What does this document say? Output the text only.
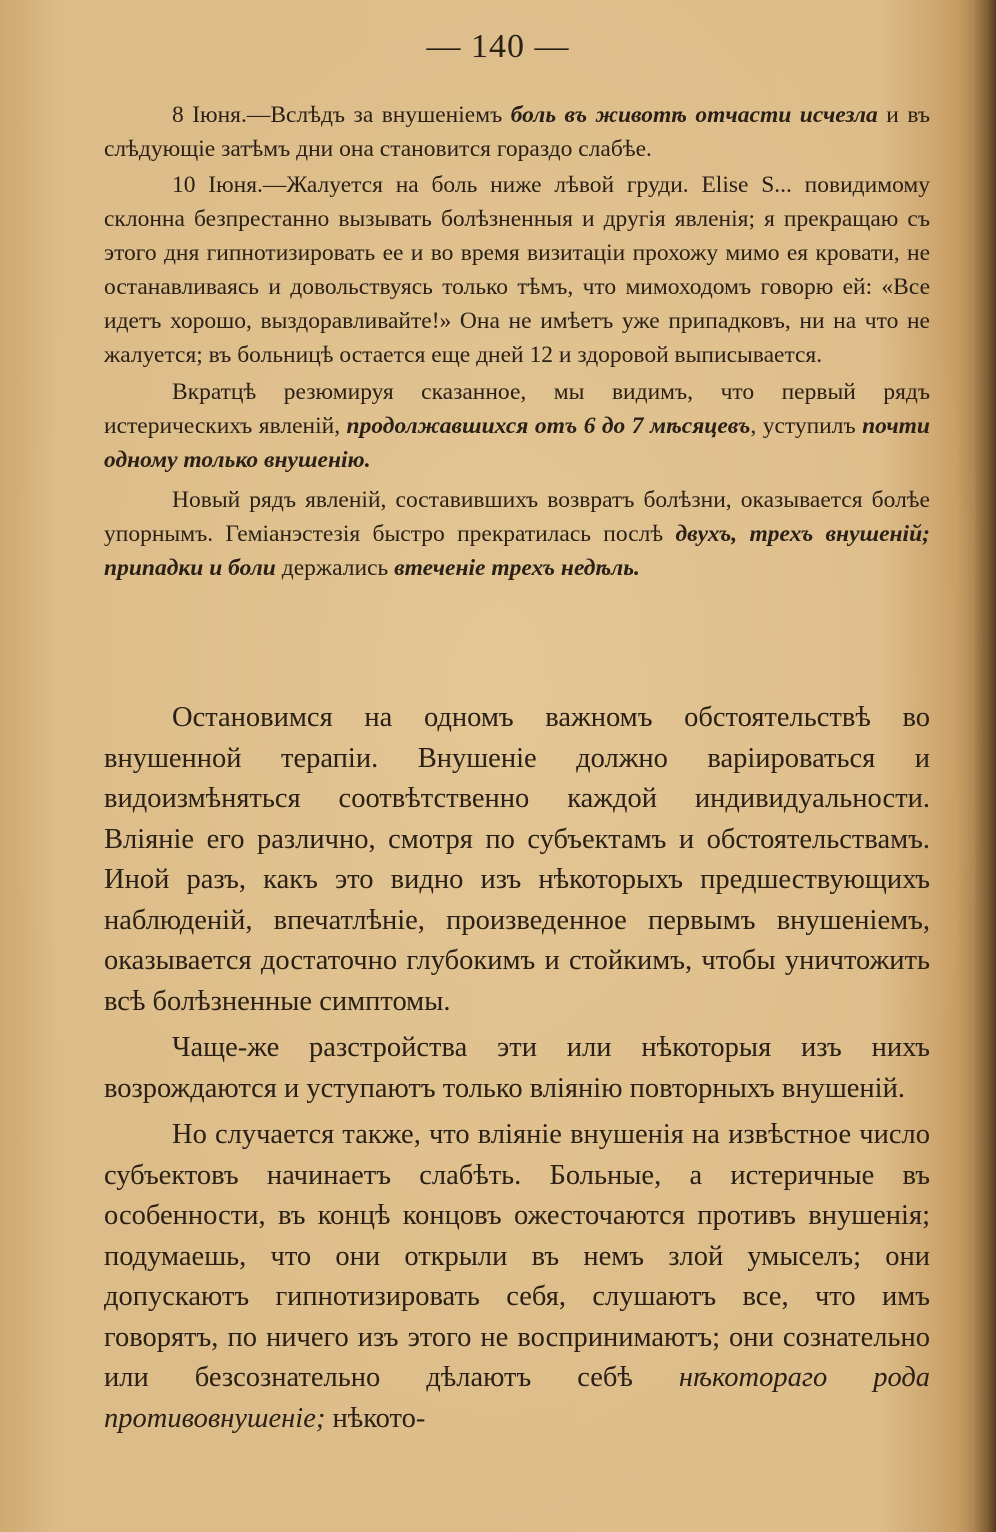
— 140 —

8 Іюня.—Вслѣдъ за внушеніемъ боль въ животѣ отчасти исчезла и въ слѣдующіе затѣмъ дни она становится гораздо слабѣе.

10 Іюня.—Жалуется на боль ниже лѣвой груди. Elise S... повидимому склонна безпрестанно вызывать болѣзненныя и другія явленія; я прекращаю съ этого дня гипнотизировать ее и во время визитаціи прохожу мимо ея кровати, не останавливаясь и довольствуясь только тѣмъ, что мимоходомъ говорю ей: «Все идетъ хорошо, выздоравливайте!» Она не имѣетъ уже припадковъ, ни на что не жалуется; въ больницѣ остается еще дней 12 и здоровой выписывается.

Вкратцѣ резюмируя сказанное, мы видимъ, что первый рядъ истерическихъ явленій, продолжавшихся отъ 6 до 7 мѣсяцевъ, уступилъ почти одному только внушенію.

Новый рядъ явленій, составившихъ возвратъ болѣзни, оказывается болѣе упорнымъ. Геміанэстезія быстро прекратилась послѣ двухъ, трехъ внушеній; припадки и боли держались втеченіе трехъ недѣль.

Остановимся на одномъ важномъ обстоятельствѣ во внушенной терапіи. Внушеніе должно варіироваться и видоизмѣняться соотвѣтственно каждой индивидуальности. Вліяніе его различно, смотря по субъектамъ и обстоятельствамъ. Иной разъ, какъ это видно изъ нѣкоторыхъ предшествующихъ наблюденій, впечатлѣніе, произведенное первымъ внушеніемъ, оказывается достаточно глубокимъ и стойкимъ, чтобы уничтожить всѣ болѣзненные симптомы.

Чаще-же разстройства эти или нѣкоторыя изъ нихъ возрождаются и уступаютъ только вліянію повторныхъ внушеній.

Но случается также, что вліяніе внушенія на извѣстное число субъектовъ начинаетъ слабѣть. Больные, а истеричные въ особенности, въ концѣ концовъ ожесточаются противъ внушенія; подумаешь, что они открыли въ немъ злой умыселъ; они допускаютъ гипнотизировать себя, слушаютъ все, что имъ говорятъ, по ничего изъ этого не воспринимаютъ; они сознательно или безсознательно дѣлаютъ себѣ нѣкотораго рода противовнушеніе; нѣкото-
